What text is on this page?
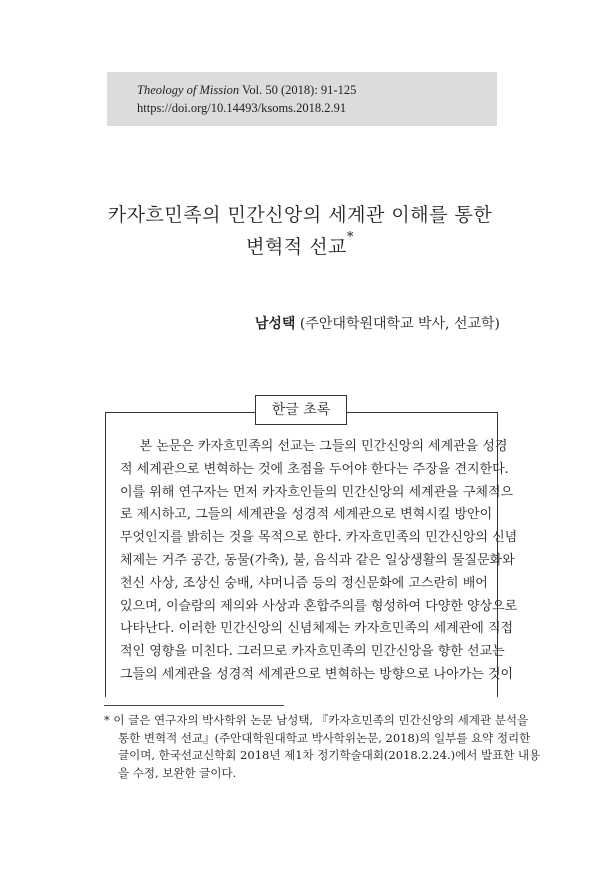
Theology of Mission Vol. 50 (2018): 91-125
https://doi.org/10.14493/ksoms.2018.2.91
카자흐민족의 민간신앙의 세계관 이해를 통한
변혁적 선교*
남성택 (주안대학원대학교 박사, 선교학)
한글 초록
본 논문은 카자흐민족의 선교는 그들의 민간신앙의 세계관을 성경
적 세계관으로 변혁하는 것에 초점을 두어야 한다는 주장을 견지한다.
이를 위해 연구자는 먼저 카자흐인들의 민간신앙의 세계관을 구체적으
로 제시하고, 그들의 세계관을 성경적 세계관으로 변혁시킬 방안이
무엇인지를 밝히는 것을 목적으로 한다. 카자흐민족의 민간신앙의 신념
체제는 거주 공간, 동물(가축), 불, 음식과 같은 일상생활의 물질문화와
천신 사상, 조상신 숭배, 샤머니즘 등의 정신문화에 고스란히 배어
있으며, 이슬람의 제의와 사상과 혼합주의를 형성하여 다양한 양상으로
나타난다. 이러한 민간신앙의 신념체제는 카자흐민족의 세계관에 직접
적인 영향을 미친다. 그러므로 카자흐민족의 민간신앙을 향한 선교는
그들의 세계관을 성경적 세계관으로 변혁하는 방향으로 나아가는 것이
* 이 글은 연구자의 박사학위 논문 남성택, 『카자흐민족의 민간신앙의 세계관 분석을
통한 변혁적 선교』(주안대학원대학교 박사학위논문, 2018)의 일부를 요약 정리한
글이며, 한국선교신학회 2018년 제1차 정기학술대회(2018.2.24.)에서 발표한 내용
을 수정, 보완한 글이다.
